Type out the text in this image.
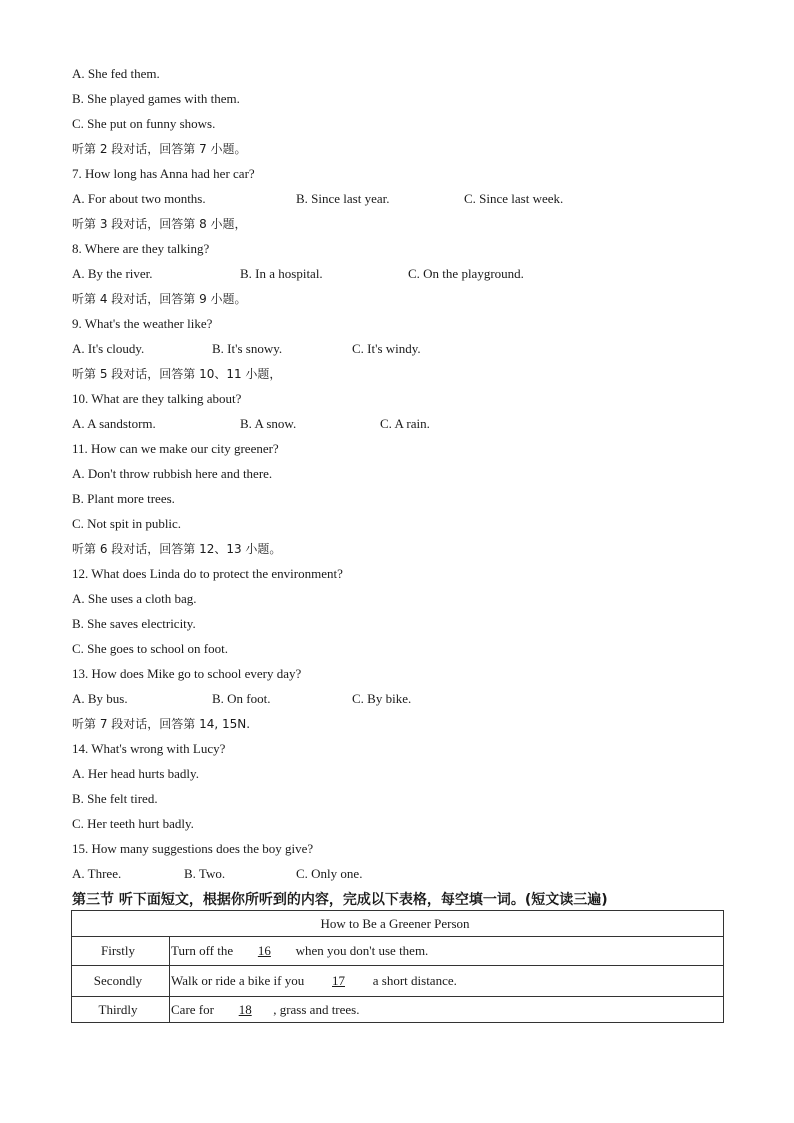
A. She fed them.
B. She played games with them.
C. She put on funny shows.
听第 2 段对话，回答第 7 小题。
7. How long has Anna had her car?
A. For about two months.	B. Since last year.	C. Since last week.
听第 3 段对话，回答第 8 小题，
8. Where are they talking?
A. By the river.	B. In a hospital.	C. On the playground.
听第 4 段对话，回答第 9 小题。
9. What's the weather like?
A. It's cloudy.	B. It's snowy.	C. It's windy.
听第 5 段对话，回答第 10、11 小题，
10. What are they talking about?
A. A sandstorm.	B. A snow.	C. A rain.
11. How can we make our city greener?
A. Don't throw rubbish here and there.
B. Plant more trees.
C. Not spit in public.
听第 6 段对话，回答第 12、13 小题。
12. What does Linda do to protect the environment?
A. She uses a cloth bag.
B. She saves electricity.
C. She goes to school on foot.
13. How does Mike go to school every day?
A. By bus.	B. On foot.	C. By bike.
听第 7 段对话，回答第 14, 15N.
14. What's wrong with Lucy?
A. Her head hurts badly.
B. She felt tired.
C. Her teeth hurt badly.
15. How many suggestions does the boy give?
A. Three.	B. Two.	C. Only one.
第三节 听下面短文，根据你所听到的内容，完成以下表格，每空填一词。(短文读三遍)
How to Be a Greener Person	
Firstly	Turn off the 16 when you don't use them.
Secondly	Walk or ride a bike if you 17 a short distance.
Thirdly	Care for 18 , grass and trees.
